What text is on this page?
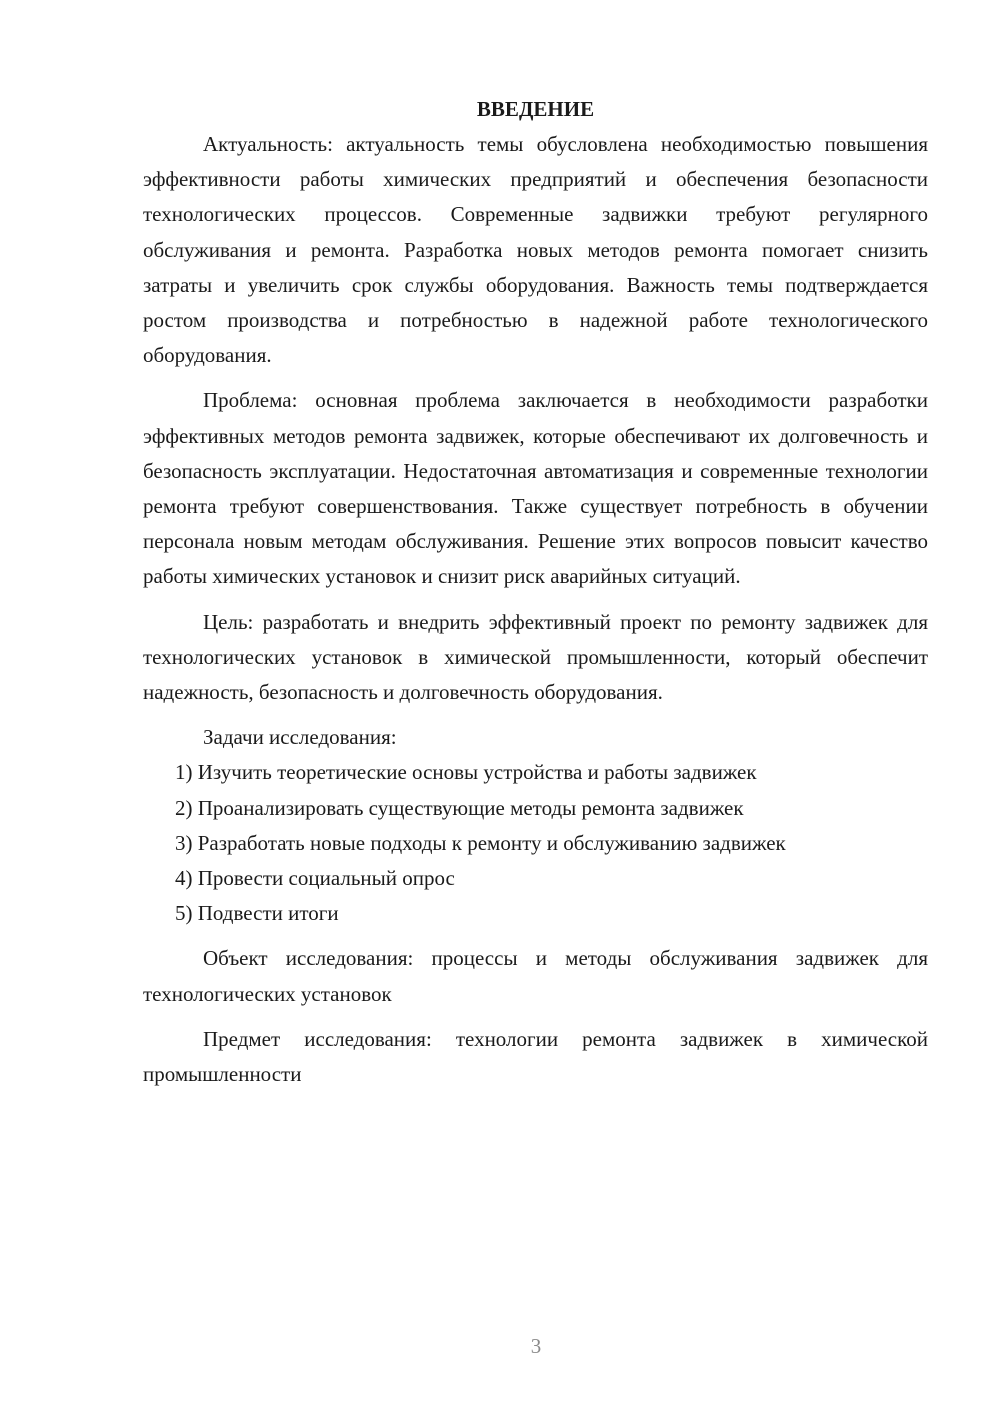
ВВЕДЕНИЕ

Актуальность: актуальность темы обусловлена необходимостью повышения эффективности работы химических предприятий и обеспечения безопасности технологических процессов. Современные задвижки требуют регулярного обслуживания и ремонта. Разработка новых методов ремонта помогает снизить затраты и увеличить срок службы оборудования. Важность темы подтверждается ростом производства и потребностью в надежной работе технологического оборудования.

Проблема: основная проблема заключается в необходимости разработки эффективных методов ремонта задвижек, которые обеспечивают их долговечность и безопасность эксплуатации. Недостаточная автоматизация и современные технологии ремонта требуют совершенствования. Также существует потребность в обучении персонала новым методам обслуживания. Решение этих вопросов повысит качество работы химических установок и снизит риск аварийных ситуаций.

Цель: разработать и внедрить эффективный проект по ремонту задвижек для технологических установок в химической промышленности, который обеспечит надежность, безопасность и долговечность оборудования.

Задачи исследования:

1) Изучить теоретические основы устройства и работы задвижек

2) Проанализировать существующие методы ремонта задвижек

3) Разработать новые подходы к ремонту и обслуживанию задвижек

4) Провести социальный опрос

5) Подвести итоги

Объект исследования: процессы и методы обслуживания задвижек для технологических установок

Предмет исследования: технологии ремонта задвижек в химической промышленности

3
